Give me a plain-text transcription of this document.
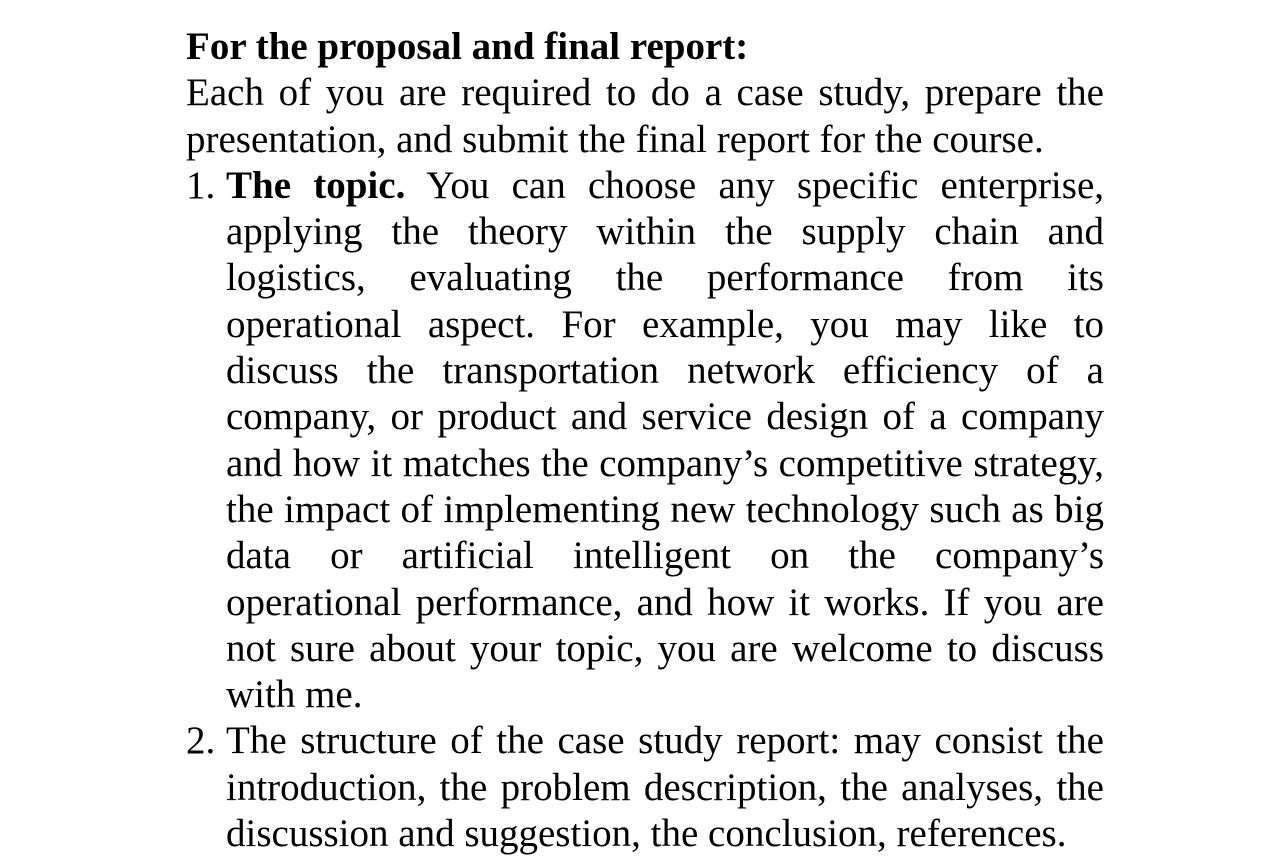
For the proposal and final report:

Each of you are required to do a case study, prepare the presentation, and submit the final report for the course.

1. The topic. You can choose any specific enterprise, applying the theory within the supply chain and logistics, evaluating the performance from its operational aspect. For example, you may like to discuss the transportation network efficiency of a company, or product and service design of a company and how it matches the company’s competitive strategy, the impact of implementing new technology such as big data or artificial intelligent on the company’s operational performance, and how it works. If you are not sure about your topic, you are welcome to discuss with me.
2. The structure of the case study report: may consist the introduction, the problem description, the analyses, the discussion and suggestion, the conclusion, references.
